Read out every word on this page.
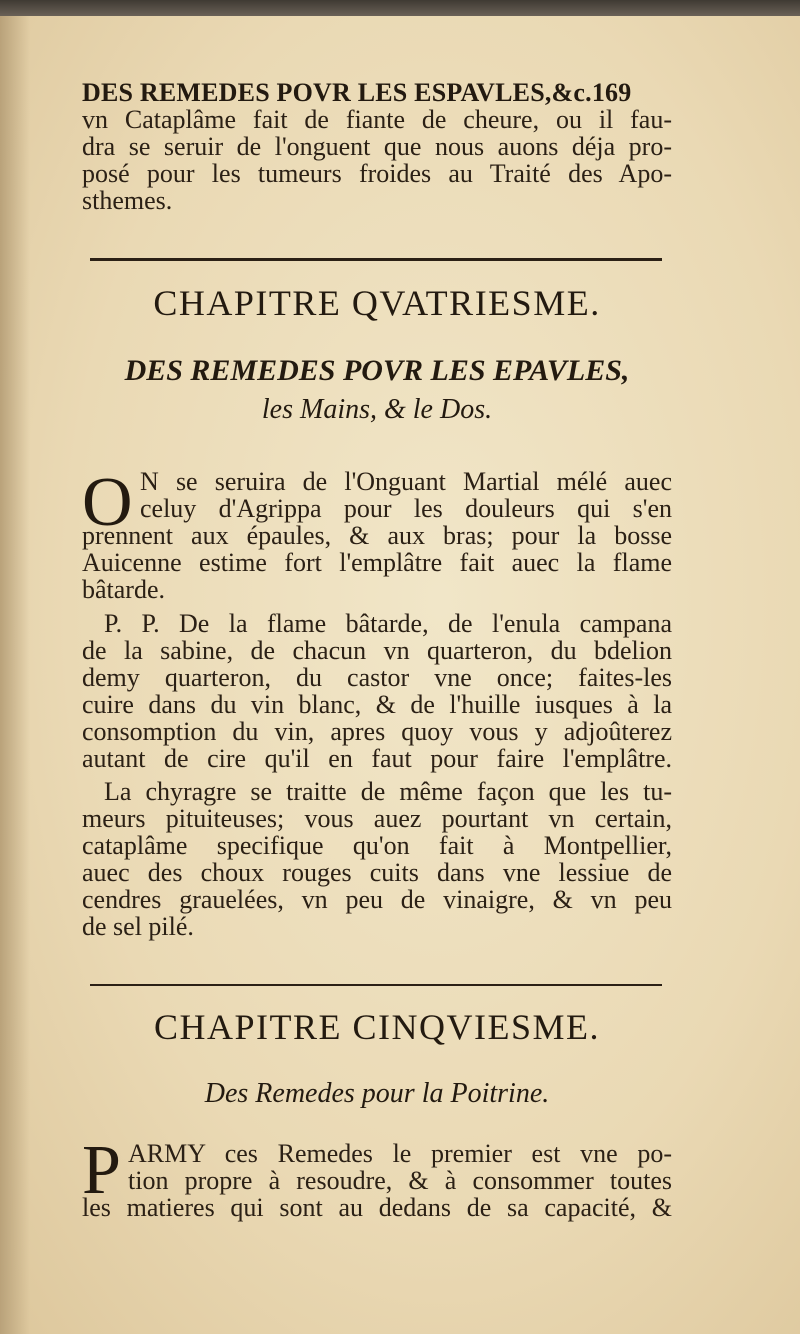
DES REMEDES POVR LES ESPAVLES,&c.169
vn Cataplâme fait de fiante de cheure, ou il fau-
dra se seruir de l'onguent que nous auons déja pro-
posé pour les tumeurs froides au Traité des Apo-
sthemes.
CHAPITRE QVATRIESME.
DES REMEDES POVR LES EPAVLES,
les Mains, & le Dos.
O N se seruira de l'Onguant Martial mélé auec
celuy d'Agrippa pour les douleurs qui s'en
prennent aux épaules, & aux bras; pour la bosse
Auicenne estime fort l'emplâtre fait auec la flame
bâtarde.
P. P. De la flame bâtarde, de l'enula campana
de la sabine, de chacun vn quarteron, du bdelion
demy quarteron, du castor vne once; faites-les
cuire dans du vin blanc, & de l'huille iusques à la
consomption du vin, apres quoy vous y adjoûterez
autant de cire qu'il en faut pour faire l'emplâtre.
La chyragre se traitte de même façon que les tu-
meurs pituiteuses; vous auez pourtant vn certain,
cataplâme specifique qu'on fait à Montpellier,
auec des choux rouges cuits dans vne lessiue de
cendres grauelées, vn peu de vinaigre, & vn peu
de sel pilé.
CHAPITRE CINQVIESME.
Des Remedes pour la Poitrine.
P ARMY ces Remedes le premier est vne po-
tion propre à resoudre, & à consommer toutes
les matieres qui sont au dedans de sa capacité, &
